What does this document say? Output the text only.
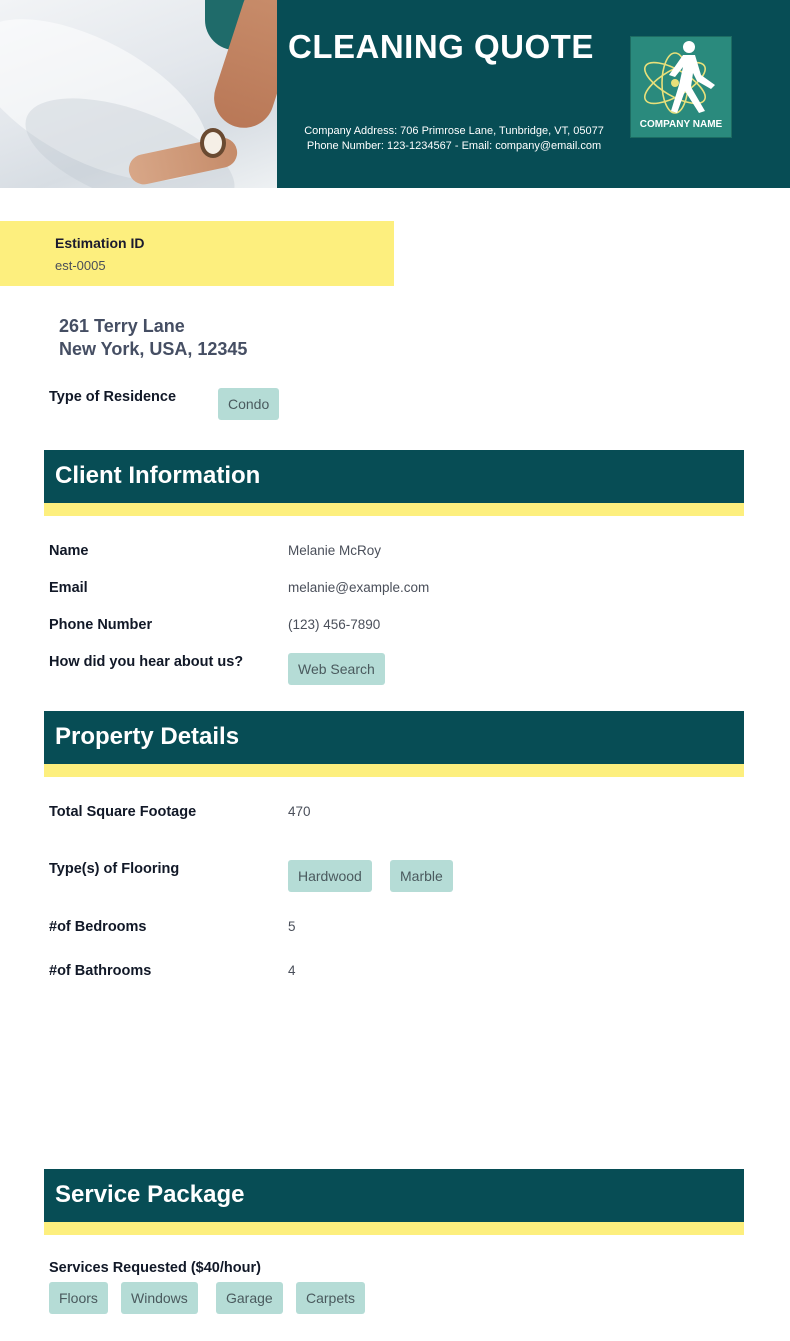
CLEANING QUOTE
Company Address: 706 Primrose Lane, Tunbridge, VT, 05077
Phone Number: 123-1234567 - Email: company@email.com
COMPANY NAME
Estimation ID
est-0005
261 Terry Lane
New York, USA, 12345
Type of Residence	Condo
Client Information
Name	Melanie McRoy
Email	melanie@example.com
Phone Number	(123) 456-7890
How did you hear about us?	Web Search
Property Details
Total Square Footage	470
Type(s) of Flooring	Hardwood	Marble
#of Bedrooms	5
#of Bathrooms	4
Service Package
Services Requested ($40/hour)
Floors	Windows	Garage	Carpets
